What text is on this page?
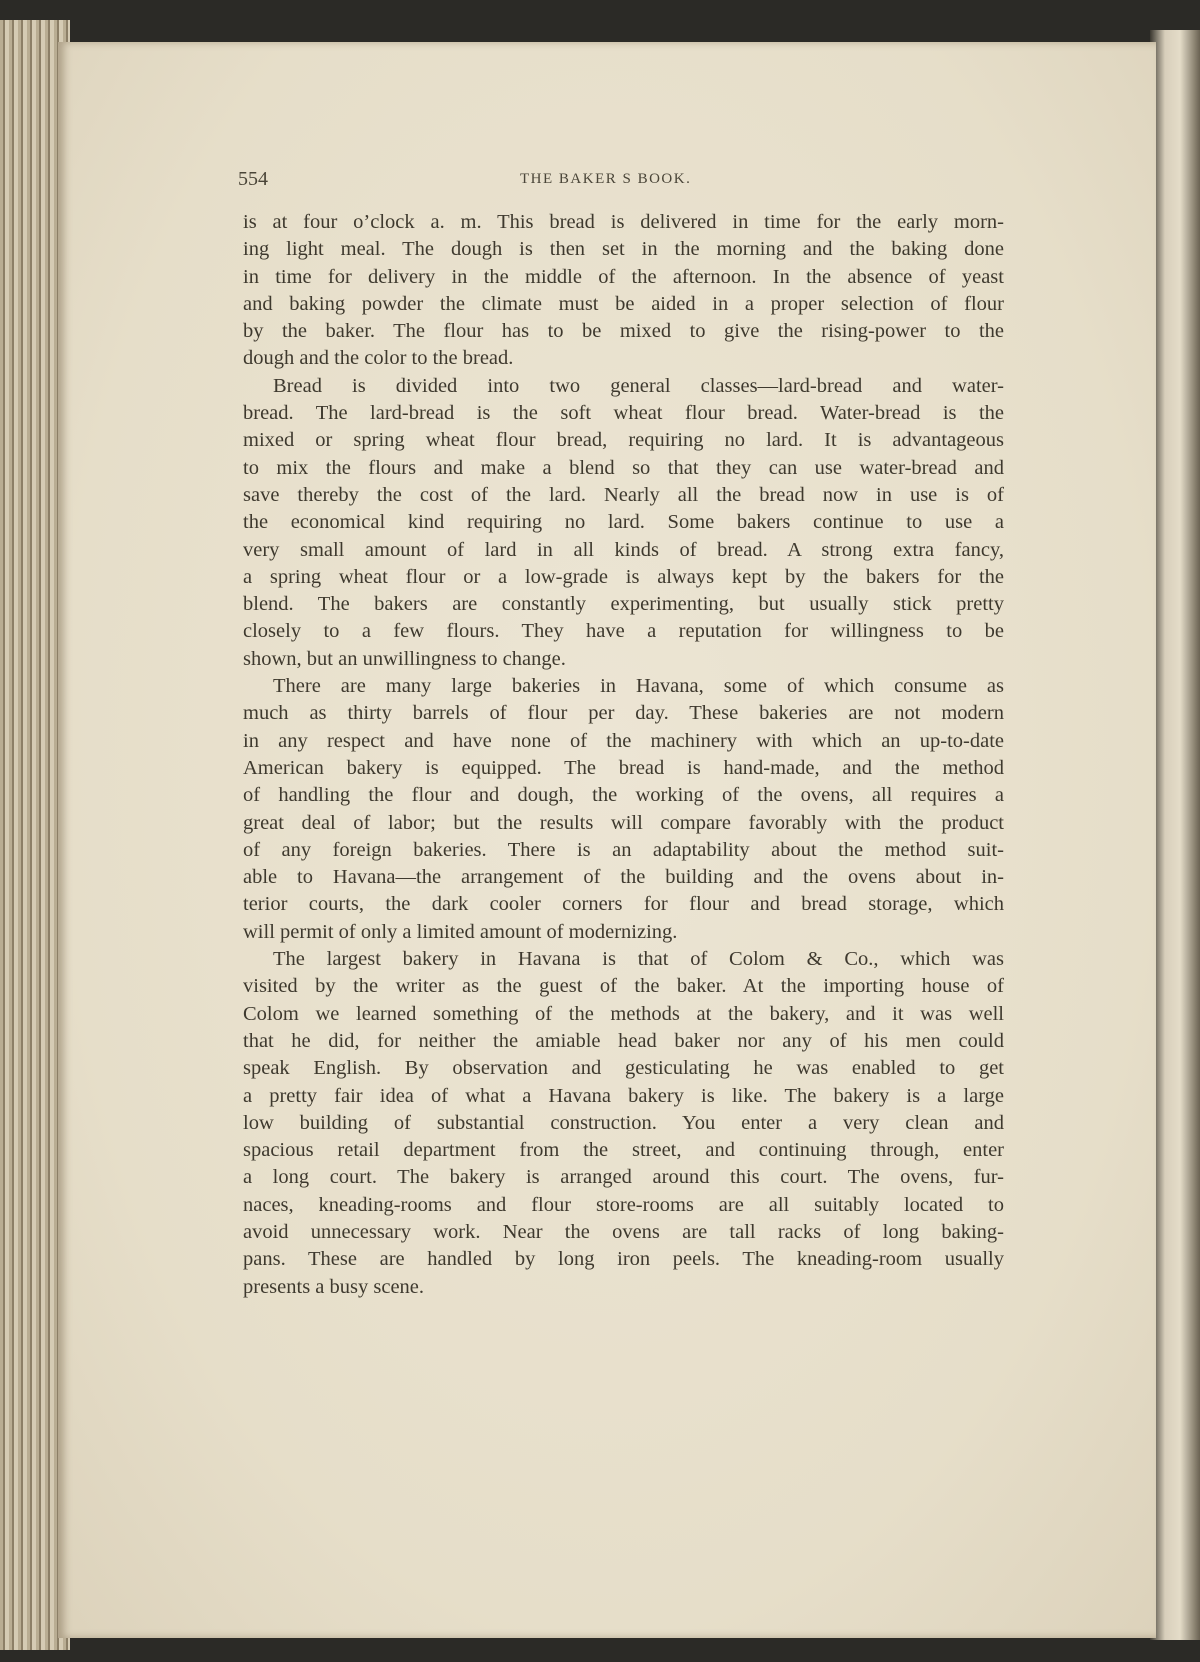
554	THE BAKER S BOOK.
is at four o’clock a. m. This bread is delivered in time for the early morn-
ing light meal. The dough is then set in the morning and the baking done
in time for delivery in the middle of the afternoon. In the absence of yeast
and baking powder the climate must be aided in a proper selection of flour
by the baker. The flour has to be mixed to give the rising-power to the
dough and the color to the bread.
Bread is divided into two general classes—lard-bread and water-
bread. The lard-bread is the soft wheat flour bread. Water-bread is the
mixed or spring wheat flour bread, requiring no lard. It is advantageous
to mix the flours and make a blend so that they can use water-bread and
save thereby the cost of the lard. Nearly all the bread now in use is of
the economical kind requiring no lard. Some bakers continue to use a
very small amount of lard in all kinds of bread. A strong extra fancy,
a spring wheat flour or a low-grade is always kept by the bakers for the
blend. The bakers are constantly experimenting, but usually stick pretty
closely to a few flours. They have a reputation for willingness to be
shown, but an unwillingness to change.
There are many large bakeries in Havana, some of which consume as
much as thirty barrels of flour per day. These bakeries are not modern
in any respect and have none of the machinery with which an up-to-date
American bakery is equipped. The bread is hand-made, and the method
of handling the flour and dough, the working of the ovens, all requires a
great deal of labor; but the results will compare favorably with the product
of any foreign bakeries. There is an adaptability about the method suit-
able to Havana—the arrangement of the building and the ovens about in-
terior courts, the dark cooler corners for flour and bread storage, which
will permit of only a limited amount of modernizing.
The largest bakery in Havana is that of Colom & Co., which was
visited by the writer as the guest of the baker. At the importing house of
Colom we learned something of the methods at the bakery, and it was well
that he did, for neither the amiable head baker nor any of his men could
speak English. By observation and gesticulating he was enabled to get
a pretty fair idea of what a Havana bakery is like. The bakery is a large
low building of substantial construction. You enter a very clean and
spacious retail department from the street, and continuing through, enter
a long court. The bakery is arranged around this court. The ovens, fur-
naces, kneading-rooms and flour store-rooms are all suitably located to
avoid unnecessary work. Near the ovens are tall racks of long baking-
pans. These are handled by long iron peels. The kneading-room usually
presents a busy scene.
